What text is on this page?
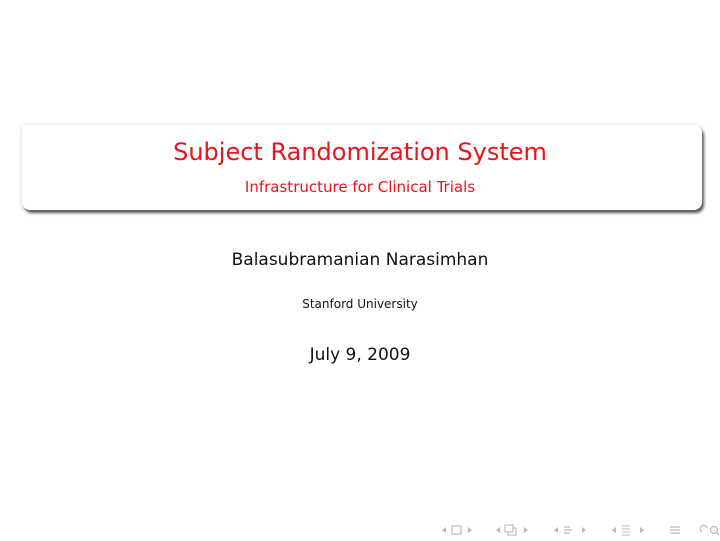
Subject Randomization System
Infrastructure for Clinical Trials
Balasubramanian Narasimhan
Stanford University
July 9, 2009
